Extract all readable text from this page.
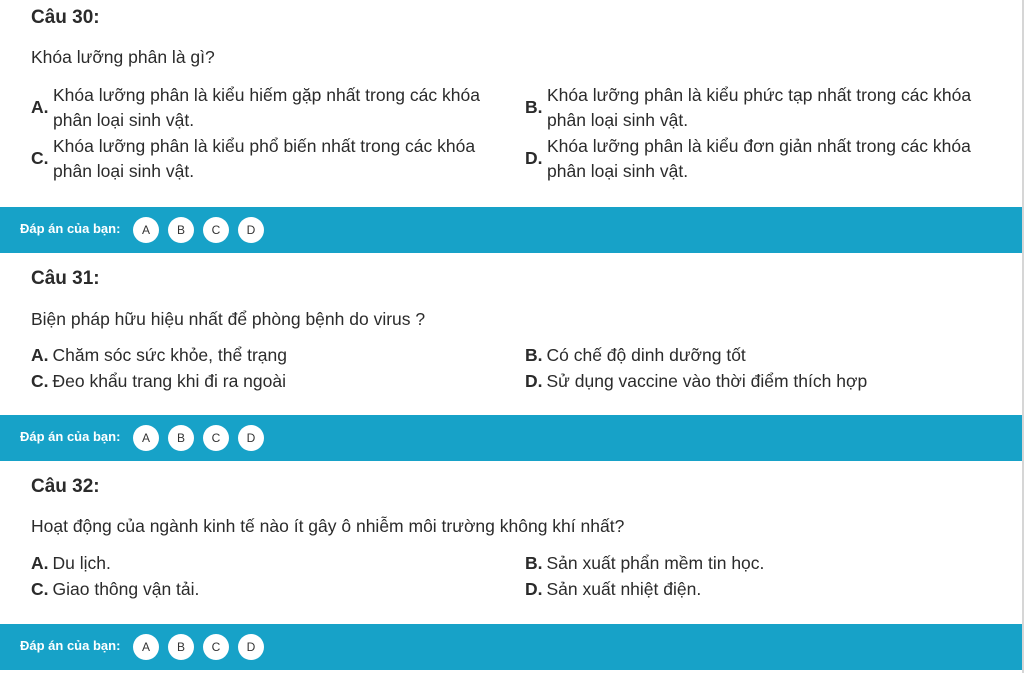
Câu 30:
Khóa lưỡng phân là gì?
A.
Khóa lưỡng phân là kiểu hiếm gặp nhất trong các khóa phân loại sinh vật.
B.
Khóa lưỡng phân là kiểu phức tạp nhất trong các khóa phân loại sinh vật.
C.
Khóa lưỡng phân là kiểu phổ biến nhất trong các khóa phân loại sinh vật.
D.
Khóa lưỡng phân là kiểu đơn giản nhất trong các khóa phân loại sinh vật.
Đáp án của bạn:	A	B	C	D
Câu 31:
Biện pháp hữu hiệu nhất để phòng bệnh do virus ?
A. Chăm sóc sức khỏe, thể trạng	B. Có chế độ dinh dưỡng tốt
C. Đeo khẩu trang khi đi ra ngoài	D. Sử dụng vaccine vào thời điểm thích hợp
Đáp án của bạn:	A	B	C	D
Câu 32:
Hoạt động của ngành kinh tế nào ít gây ô nhiễm môi trường không khí nhất?
A. Du lịch.	B. Sản xuất phẩn mềm tin học.
C. Giao thông vận tải.	D. Sản xuất nhiệt điện.
Đáp án của bạn:	A	B	C	D
